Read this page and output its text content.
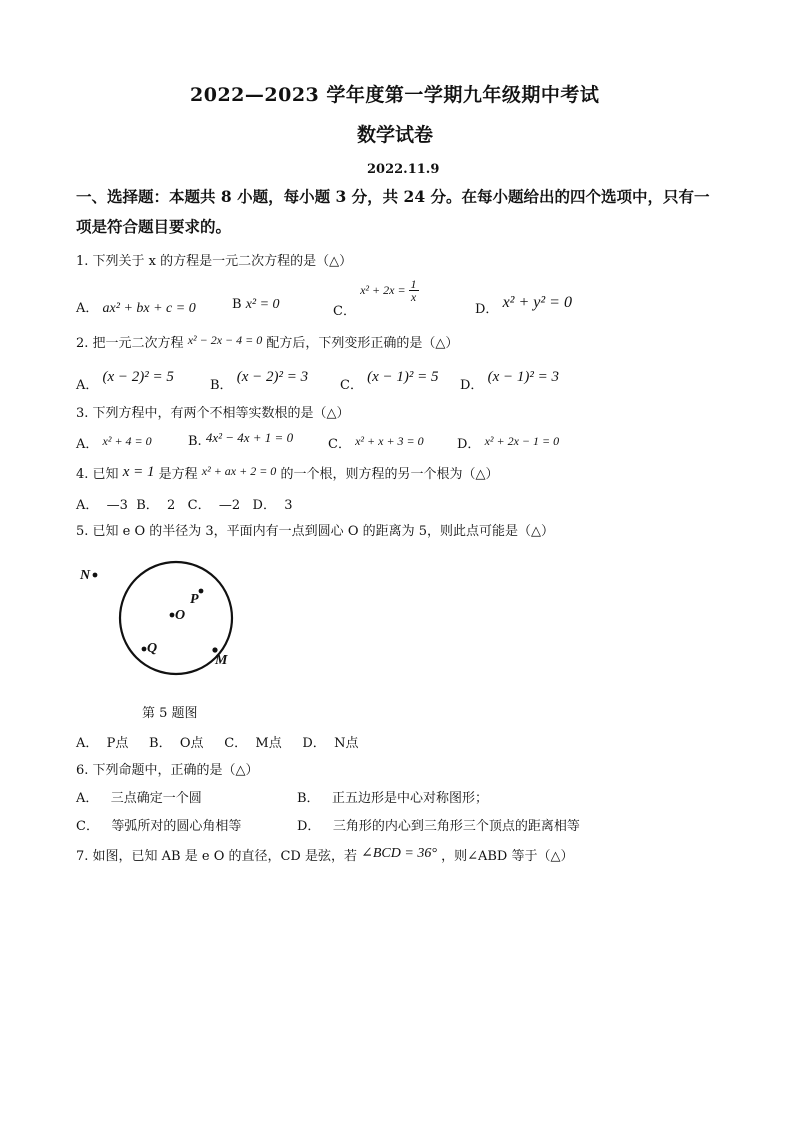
2022—2023 学年度第一学期九年级期中考试
数学试卷
2022.11.9
一、选择题：本题共 8 小题，每小题 3 分，共 24 分。在每小题给出的四个选项中，只有一
项是符合题目要求的。
1. 下列关于 x 的方程是一元二次方程的是（△）
A． ax² + bx + c = 0	B x² = 0	C． $x^2 + 2x = \frac{1}{x}$
D． x² + y² = 0
2. 把一元二次方程 x² − 2x − 4 = 0 配方后，下列变形正确的是（△）
A． (x − 2)² = 5
B． (x − 2)² = 3
C． (x − 1)² = 5
D． (x − 1)² = 3
3. 下列方程中，有两个不相等实数根的是（△）
A． x² + 4 = 0	B. 4x² − 4x + 1 = 0	C． x² + x + 3 = 0	D． x² + 2x − 1 = 0
4. 已知 x = 1 是方程 x² + ax + 2 = 0 的一个根，则方程的另一个根为（△）
A．  —3  B．  2   C．  —2   D．  3
5. 已知 e O 的半径为 3，平面内有一点到圆心 O 的距离为 5，则此点可能是（△）
N
P
O
Q
M
第 5 题图
A．  P点     B．  O点     C．  M点     D．  N点
6. 下列命题中，正确的是（△）
A．   三点确定一个圆	B．   正五边形是中心对称图形；
C．   等弧所对的圆心角相等	D．   三角形的内心到三角形三个顶点的距离相等
7. 如图，已知 AB 是 e O 的直径，CD 是弦，若 ∠BCD = 36° ，则∠ABD 等于（△）
